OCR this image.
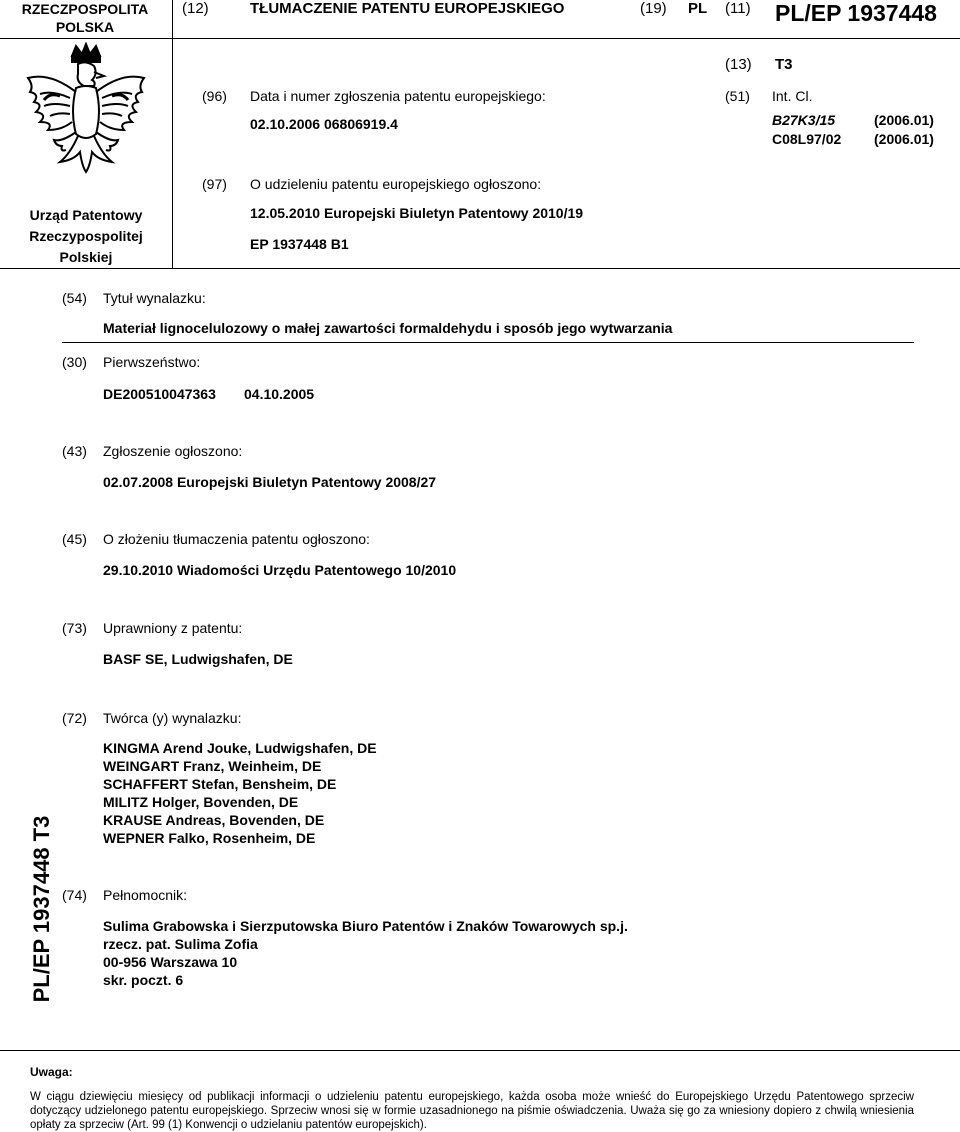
RZECZPOSPOLITA
POLSKA
(12)	TŁUMACZENIE PATENTU EUROPEJSKIEGO	(19) PL (11) PL/EP 1937448
(13) T3
Urząd Patentowy
Rzeczypospolitej
Polskiej
(96) Data i numer zgłoszenia patentu europejskiego:
02.10.2006 06806919.4
(51) Int. Cl.
B27K3/15	(2006.01)
C08L97/02 (2006.01)
(97) O udzieleniu patentu europejskiego ogłoszono:
12.05.2010 Europejski Biuletyn Patentowy 2010/19
EP 1937448 B1
(54) Tytuł wynalazku:
Materiał lignocelulozowy o małej zawartości formaldehydu i sposób jego wytwarzania
(30) Pierwszeństwo:
DE200510047363 04.10.2005
(43) Zgłoszenie ogłoszono:
02.07.2008 Europejski Biuletyn Patentowy 2008/27
(45) O złożeniu tłumaczenia patentu ogłoszono:
29.10.2010 Wiadomości Urzędu Patentowego 10/2010
(73) Uprawniony z patentu:
BASF SE, Ludwigshafen, DE
(72) Twórca (y) wynalazku:
KINGMA Arend Jouke, Ludwigshafen, DE
WEINGART Franz, Weinheim, DE
SCHAFFERT Stefan, Bensheim, DE
MILITZ Holger, Bovenden, DE
KRAUSE Andreas, Bovenden, DE
WEPNER Falko, Rosenheim, DE
(74) Pełnomocnik:
Sulima Grabowska i Sierzputowska Biuro Patentów i Znaków Towarowych sp.j.
rzecz. pat. Sulima Zofia
00-956 Warszawa 10
skr. poczt. 6
PL/EP 1937448 T3
Uwaga:
W ciągu dziewięciu miesięcy od publikacji informacji o udzieleniu patentu europejskiego, każda osoba może wnieść do Europejskiego Urzędu Patentowego sprzeciw dotyczący udzielonego patentu europejskiego. Sprzeciw wnosi się w formie uzasadnionego na piśmie oświadczenia. Uważa się go za wniesiony dopiero z chwilą wniesienia opłaty za sprzeciw (Art. 99 (1) Konwencji o udzielaniu patentów europejskich).
